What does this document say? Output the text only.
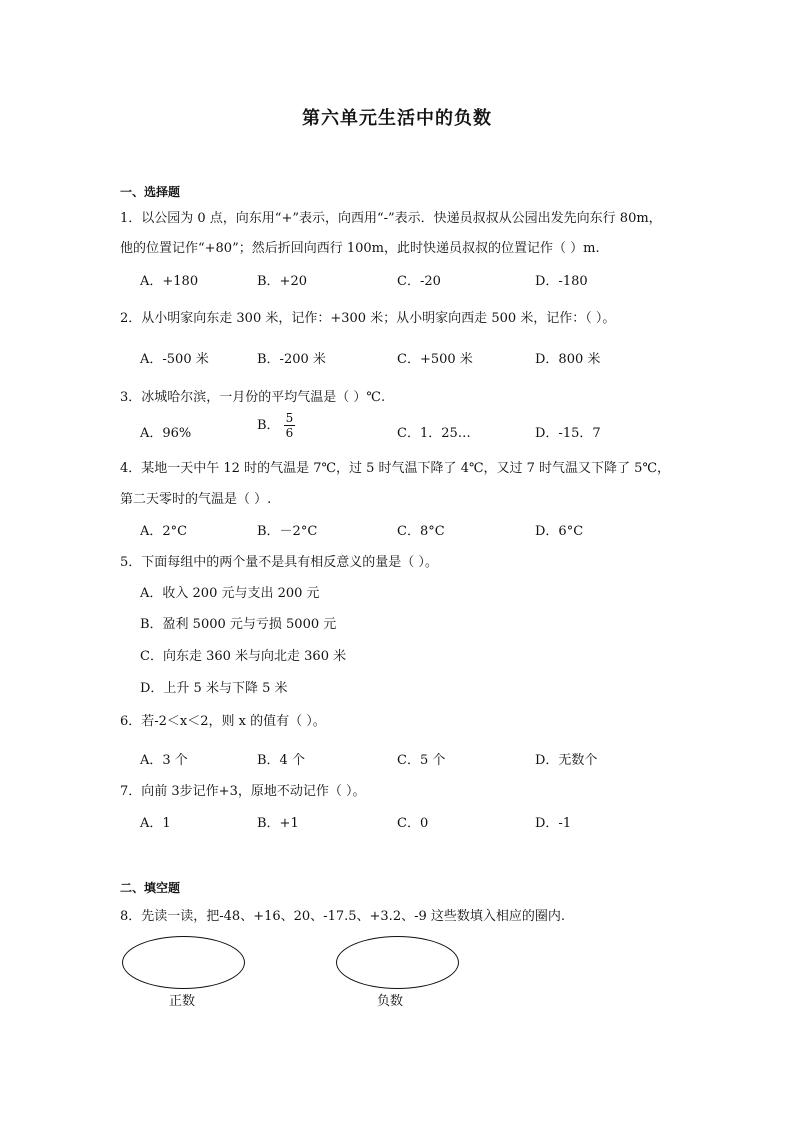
第六单元生活中的负数
一、选择题
1．以公园为 0 点，向东用“+”表示，向西用“-”表示．快递员叔叔从公园出发先向东行 80m，
他的位置记作“+80”；然后折回向西行 100m，此时快递员叔叔的位置记作（ ）m.
A．+180	B．+20	C．-20	D．-180
2．从小明家向东走 300 米，记作：+300 米；从小明家向西走 500 米，记作：（ ）。
A．-500 米	B．-200 米	C．+500 米	D．800 米
3．冰城哈尔滨，一月份的平均气温是（ ）℃.
A．96%
B． $\frac{5}{6}$	C．1．25…	D．-15．7
4．某地一天中午 12 时的气温是 7℃，过 5 时气温下降了 4℃，又过 7 时气温又下降了 5℃，
第二天零时的气温是（ ）.
A．2°C	B．－2°C	C．8°C	D．6°C
5．下面每组中的两个量不是具有相反意义的量是（ ）。
A．收入 200 元与支出 200 元
B．盈利 5000 元与亏损 5000 元
C．向东走 360 米与向北走 360 米
D．上升 5 米与下降 5 米
6．若-2＜x＜2，则 x 的值有（ ）。
A．3 个	B．4 个	C．5 个	D．无数个
7．向前 3步记作+3，原地不动记作（ ）。
A．1	B．+1	C．0	D．-1
二、填空题
8．先读一读，把-48、+16、20、-17.5、+3.2、-9 这些数填入相应的圈内.
正数	负数
